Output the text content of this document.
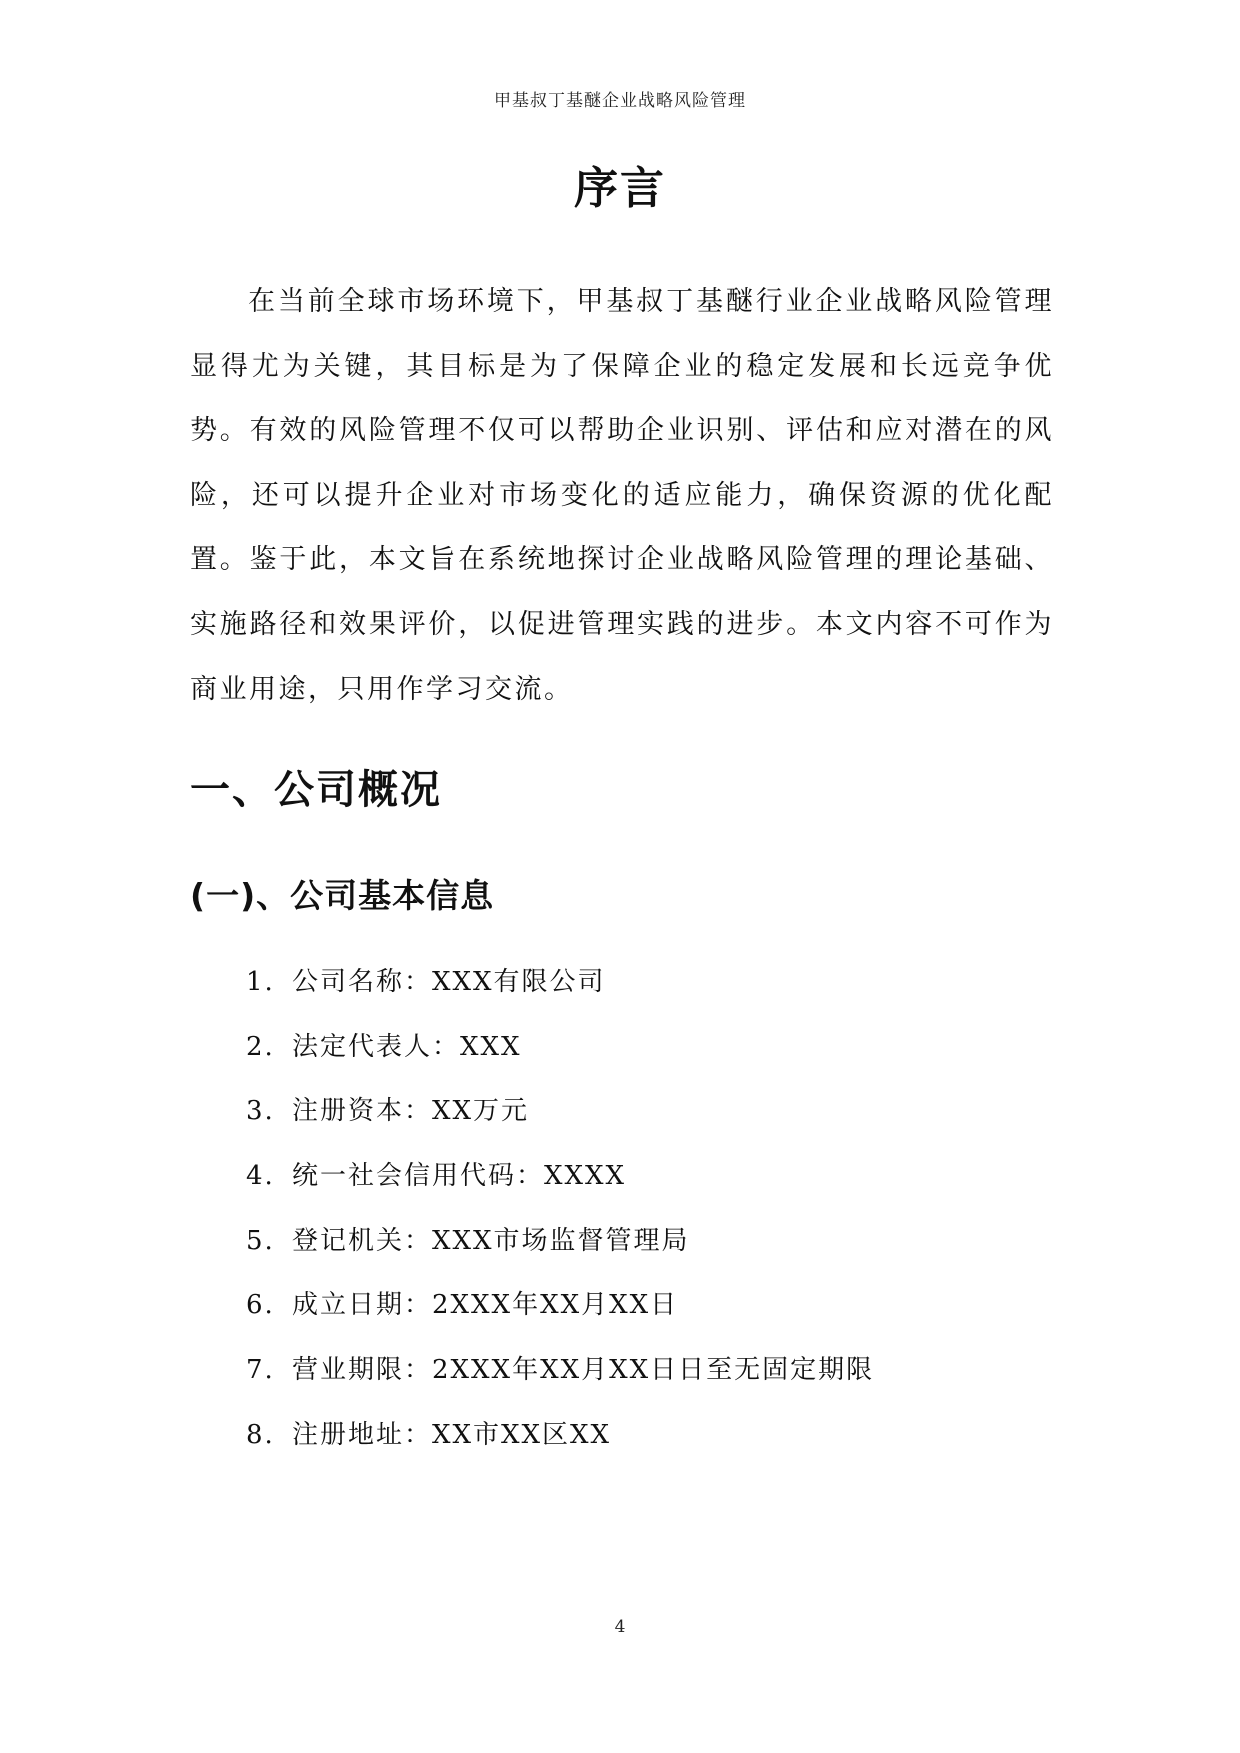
甲基叔丁基醚企业战略风险管理
序言

在当前全球市场环境下，甲基叔丁基醚行业企业战略风险管理显得尤为关键，其目标是为了保障企业的稳定发展和长远竞争优势。有效的风险管理不仅可以帮助企业识别、评估和应对潜在的风险，还可以提升企业对市场变化的适应能力，确保资源的优化配置。鉴于此，本文旨在系统地探讨企业战略风险管理的理论基础、实施路径和效果评价，以促进管理实践的进步。本文内容不可作为商业用途，只用作学习交流。

一、公司概况
(一)、公司基本信息
1. 公司名称：XXX有限公司
2. 法定代表人：XXX
3. 注册资本：XX万元
4. 统一社会信用代码：XXXX
5. 登记机关：XXX市场监督管理局
6. 成立日期：2XXX年XX月XX日
7. 营业期限：2XXX年XX月XX日日至无固定期限
8. 注册地址：XX市XX区XX
4
